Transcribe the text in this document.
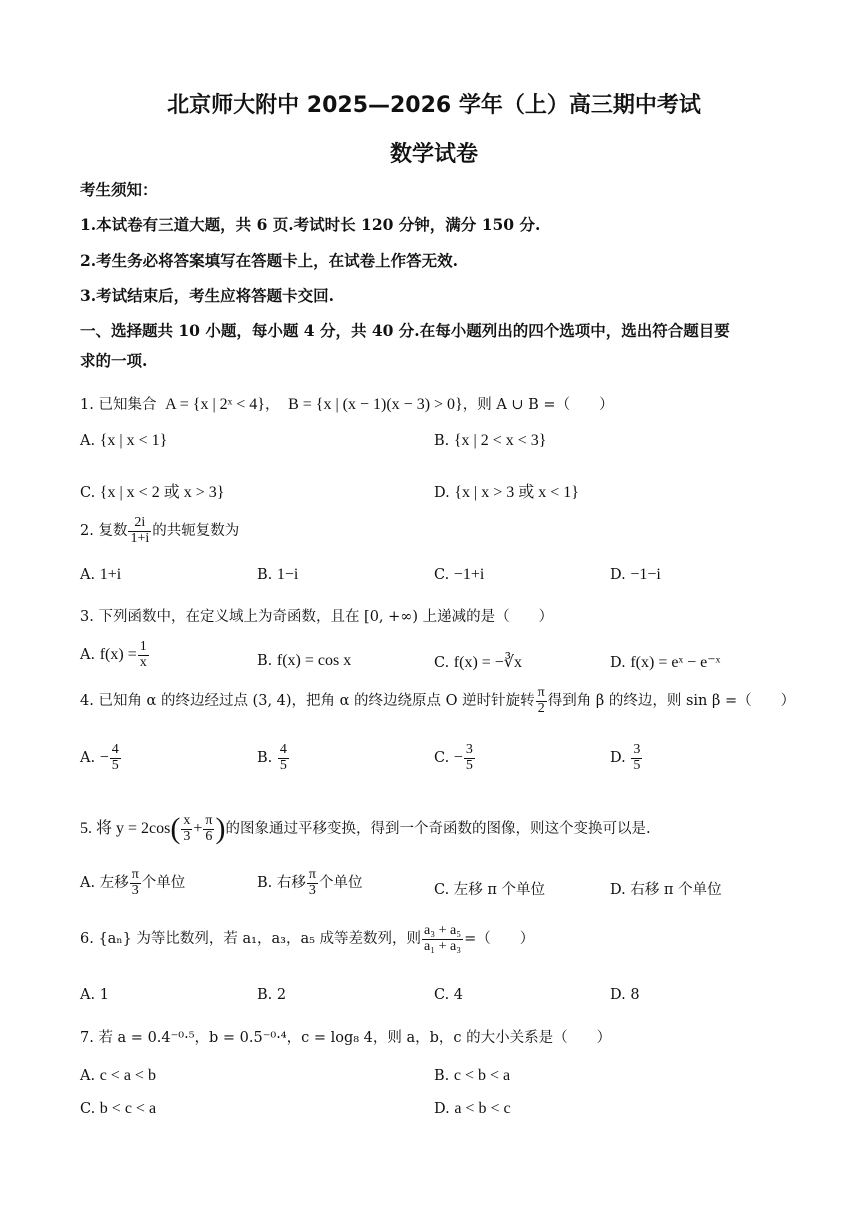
北京师大附中 2025—2026 学年（上）高三期中考试
数学试卷
考生须知：
1.本试卷有三道大题，共 6 页.考试时长 120 分钟，满分 150 分.
2.考生务必将答案填写在答题卡上，在试卷上作答无效.
3.考试结束后，考生应将答题卡交回.
一、选择题共 10 小题，每小题 4 分，共 40 分.在每小题列出的四个选项中，选出符合题目要
求的一项.
1. 已知集合 A = {x | 2ˣ < 4}， B = {x | (x − 1)(x − 3) > 0}，则 A ∪ B =（　　）
A. {x | x < 1}	B. {x | 2 < x < 3}
C. {x | x < 2 或 x > 3}	D. {x | x > 3 或 x < 1}
2. 复数 $\frac{2i}{1+i}$ 的共轭复数为
A. 1+i	B. 1−i	C. −1+i	D. −1−i
3. 下列函数中，在定义域上为奇函数，且在 [0, +∞) 上递减的是（　　）
A. $f(x) = \frac{1}{x}$	B. f(x) = cos x	C. f(x) = −∛x	D. f(x) = eˣ − e⁻ˣ
4. 已知角 α 的终边经过点 (3, 4)，把角 α 的终边绕原点 O 逆时针旋转 $\frac{\pi}{2}$ 得到角 β 的终边，则 sin β =（　　）
A. − $\frac{4}{5}$	B. $\frac{4}{5}$	C. − $\frac{3}{5}$	D. $\frac{3}{5}$
5. 将 $y = 2\cos( \frac{x}{3} + \frac{\pi}{6}$ )的图象通过平移变换，得到一个奇函数的图像，则这个变换可以是.
A. 左移 $\frac{\pi}{3}$ 个单位	B. 右移 $\frac{\pi}{3}$ 个单位	C. 左移 π 个单位	D. 右移 π 个单位
6. {aₙ} 为等比数列，若 a₁，a₃，a₅ 成等差数列，则 $\frac{\text{a₃ + a₅}}{\text{a₁ + a₃}}$ =（　　）
A. 1	B. 2	C. 4	D. 8
7. 若 a = 0.4⁻⁰·⁵，b = 0.5⁻⁰·⁴，c = log₈ 4，则 a，b，c 的大小关系是（　　）
A. c < a < b	B. c < b < a
C. b < c < a	D. a < b < c
